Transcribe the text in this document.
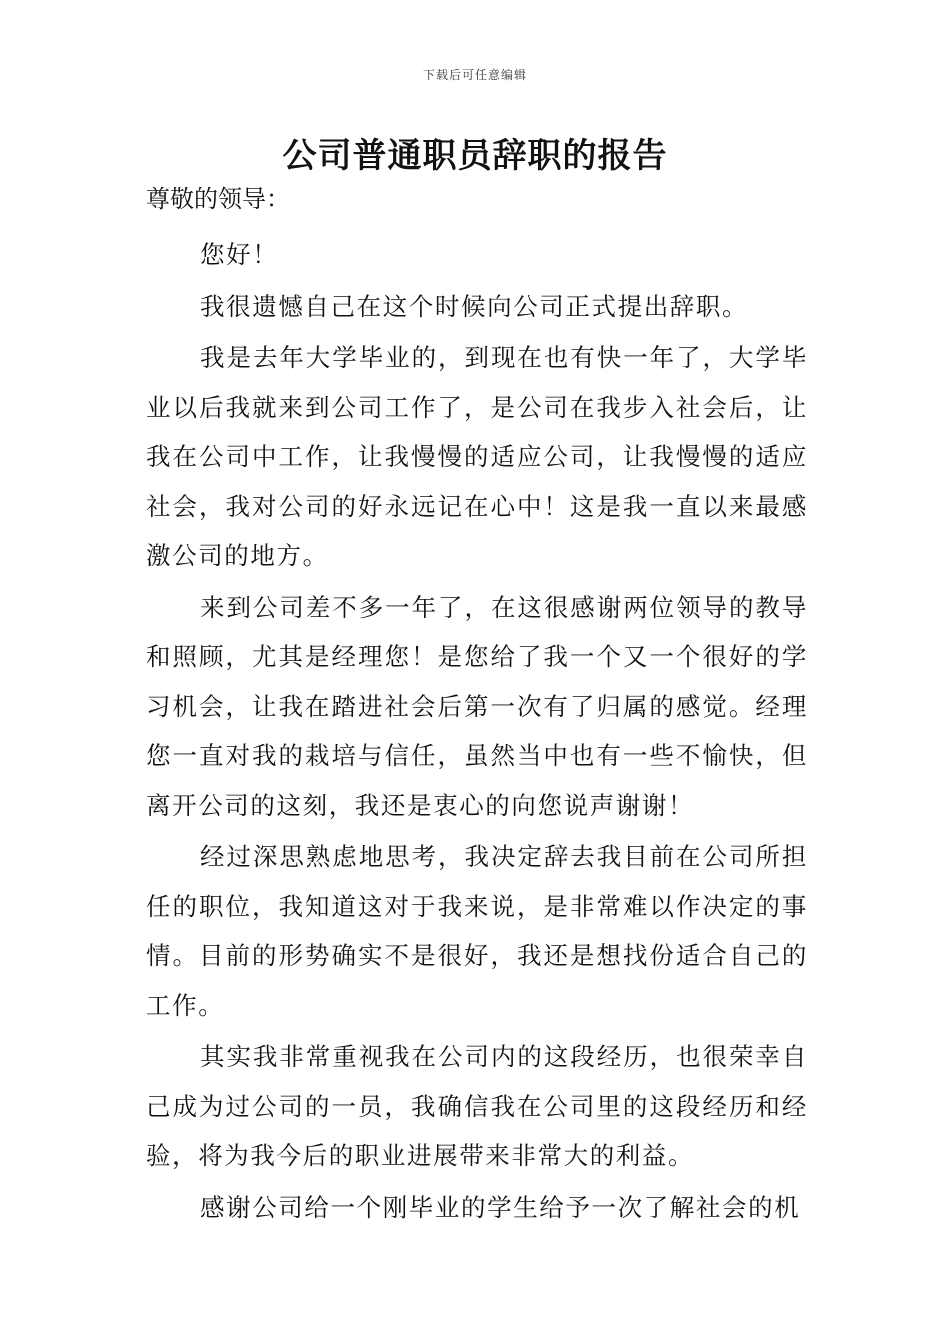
下载后可任意编辑
公司普通职员辞职的报告

尊敬的领导：

您好！

我很遗憾自己在这个时候向公司正式提出辞职。

我是去年大学毕业的，到现在也有快一年了，大学毕业以后我就来到公司工作了，是公司在我步入社会后，让我在公司中工作，让我慢慢的适应公司，让我慢慢的适应社会，我对公司的好永远记在心中！这是我一直以来最感激公司的地方。

来到公司差不多一年了，在这很感谢两位领导的教导和照顾，尤其是经理您！是您给了我一个又一个很好的学习机会，让我在踏进社会后第一次有了归属的感觉。经理您一直对我的栽培与信任，虽然当中也有一些不愉快，但离开公司的这刻，我还是衷心的向您说声谢谢！

经过深思熟虑地思考，我决定辞去我目前在公司所担任的职位，我知道这对于我来说，是非常难以作决定的事情。目前的形势确实不是很好，我还是想找份适合自己的工作。

其实我非常重视我在公司内的这段经历，也很荣幸自己成为过公司的一员，我确信我在公司里的这段经历和经验，将为我今后的职业进展带来非常大的利益。

感谢公司给一个刚毕业的学生给予一次了解社会的机
